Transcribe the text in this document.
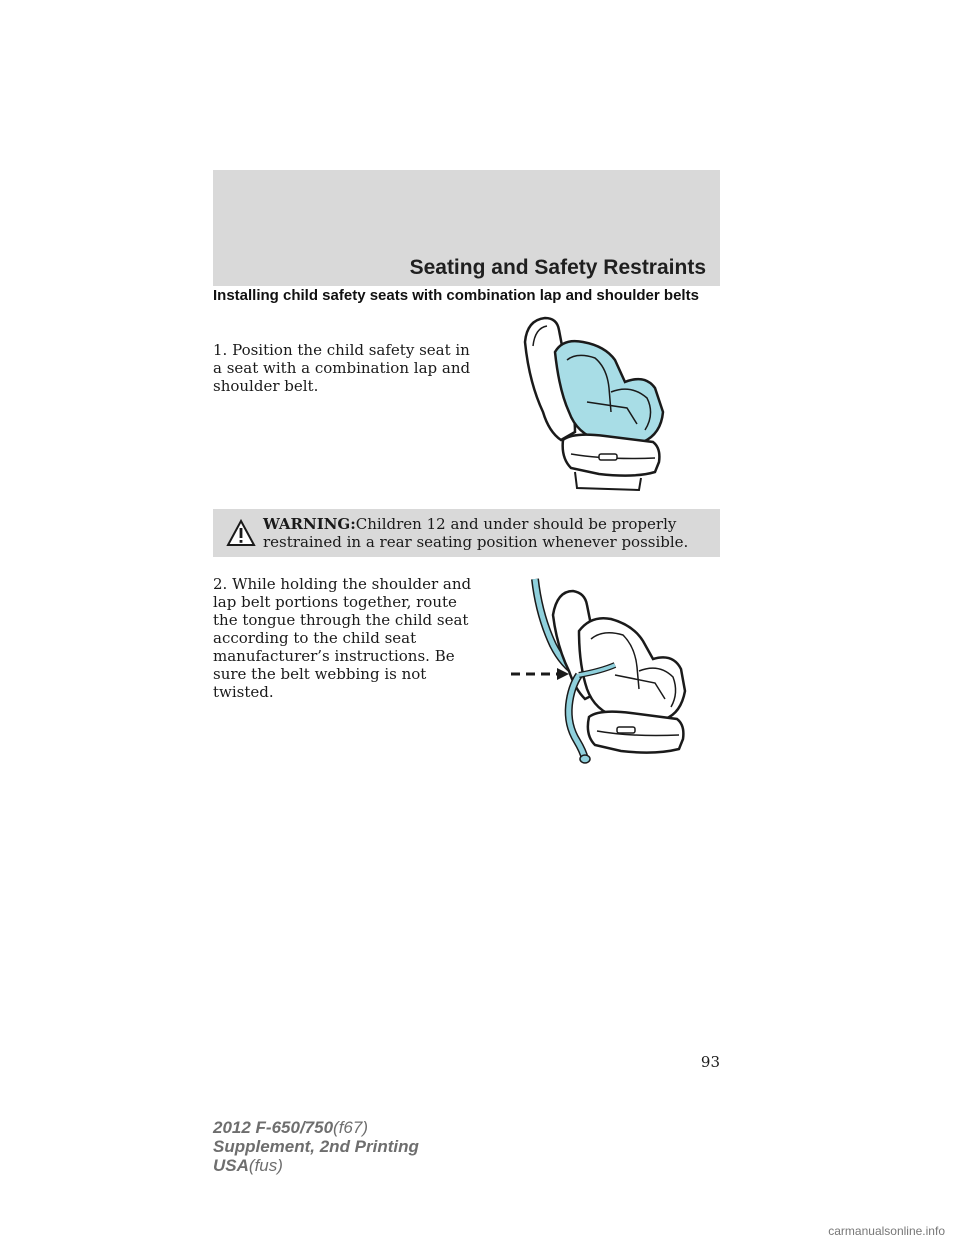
Seating and Safety Restraints
Installing child safety seats with combination lap and shoulder belts
1. Position the child safety seat in a seat with a combination lap and shoulder belt.
WARNING:Children 12 and under should be properly restrained in a rear seating position whenever possible.
2. While holding the shoulder and lap belt portions together, route the tongue through the child seat according to the child seat manufacturer’s instructions. Be sure the belt webbing is not twisted.
93
2012 F-650/750(f67)
Supplement, 2nd Printing
USA(fus)
carmanualsonline.info
